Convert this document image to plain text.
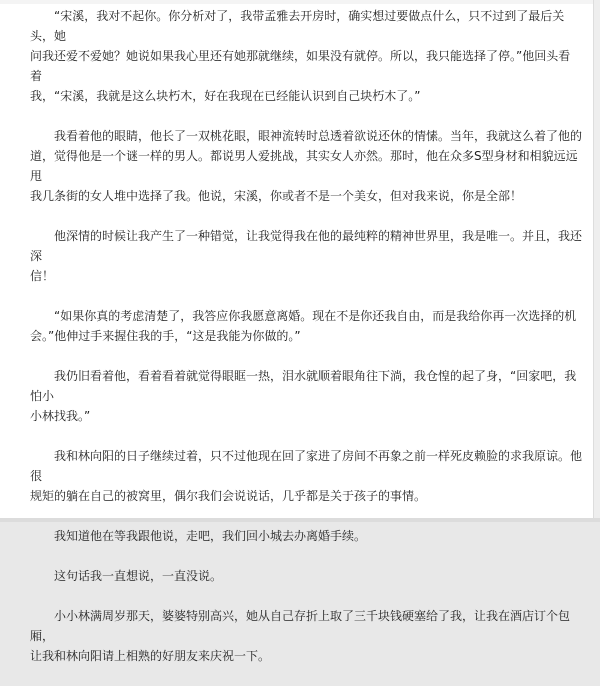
“宋溪，我对不起你。你分析对了，我带孟雅去开房时，确实想过要做点什么，只不过到了最后关头，她
问我还爱不爱她？她说如果我心里还有她那就继续，如果没有就停。所以，我只能选择了停。”他回头看着
我，“宋溪，我就是这么块朽木，好在我现在已经能认识到自己块朽木了。”

我看着他的眼睛，他长了一双桃花眼，眼神流转时总透着欲说还休的情愫。当年，我就这么着了他的
道，觉得他是一个谜一样的男人。都说男人爱挑战，其实女人亦然。那时，他在众多S型身材和相貌远远甩
我几条街的女人堆中选择了我。他说，宋溪，你或者不是一个美女，但对我来说，你是全部！

他深情的时候让我产生了一种错觉，让我觉得我在他的最纯粹的精神世界里，我是唯一。并且，我还深
信！

“如果你真的考虑清楚了，我答应你我愿意离婚。现在不是你还我自由，而是我给你再一次选择的机
会。”他伸过手来握住我的手，“这是我能为你做的。”

我仍旧看着他，看着看着就觉得眼眶一热，泪水就顺着眼角往下淌，我仓惶的起了身，“回家吧，我怕小
小林找我。”

我和林向阳的日子继续过着，只不过他现在回了家进了房间不再象之前一样死皮赖脸的求我原谅。他很
规矩的躺在自己的被窝里，偶尔我们会说说话，几乎都是关于孩子的事情。

我知道他在等我跟他说，走吧，我们回小城去办离婚手续。

这句话我一直想说，一直没说。

小小林满周岁那天，婆婆特别高兴，她从自己存折上取了三千块钱硬塞给了我，让我在酒店订个包厢，
让我和林向阳请上相熟的好朋友来庆祝一下。
